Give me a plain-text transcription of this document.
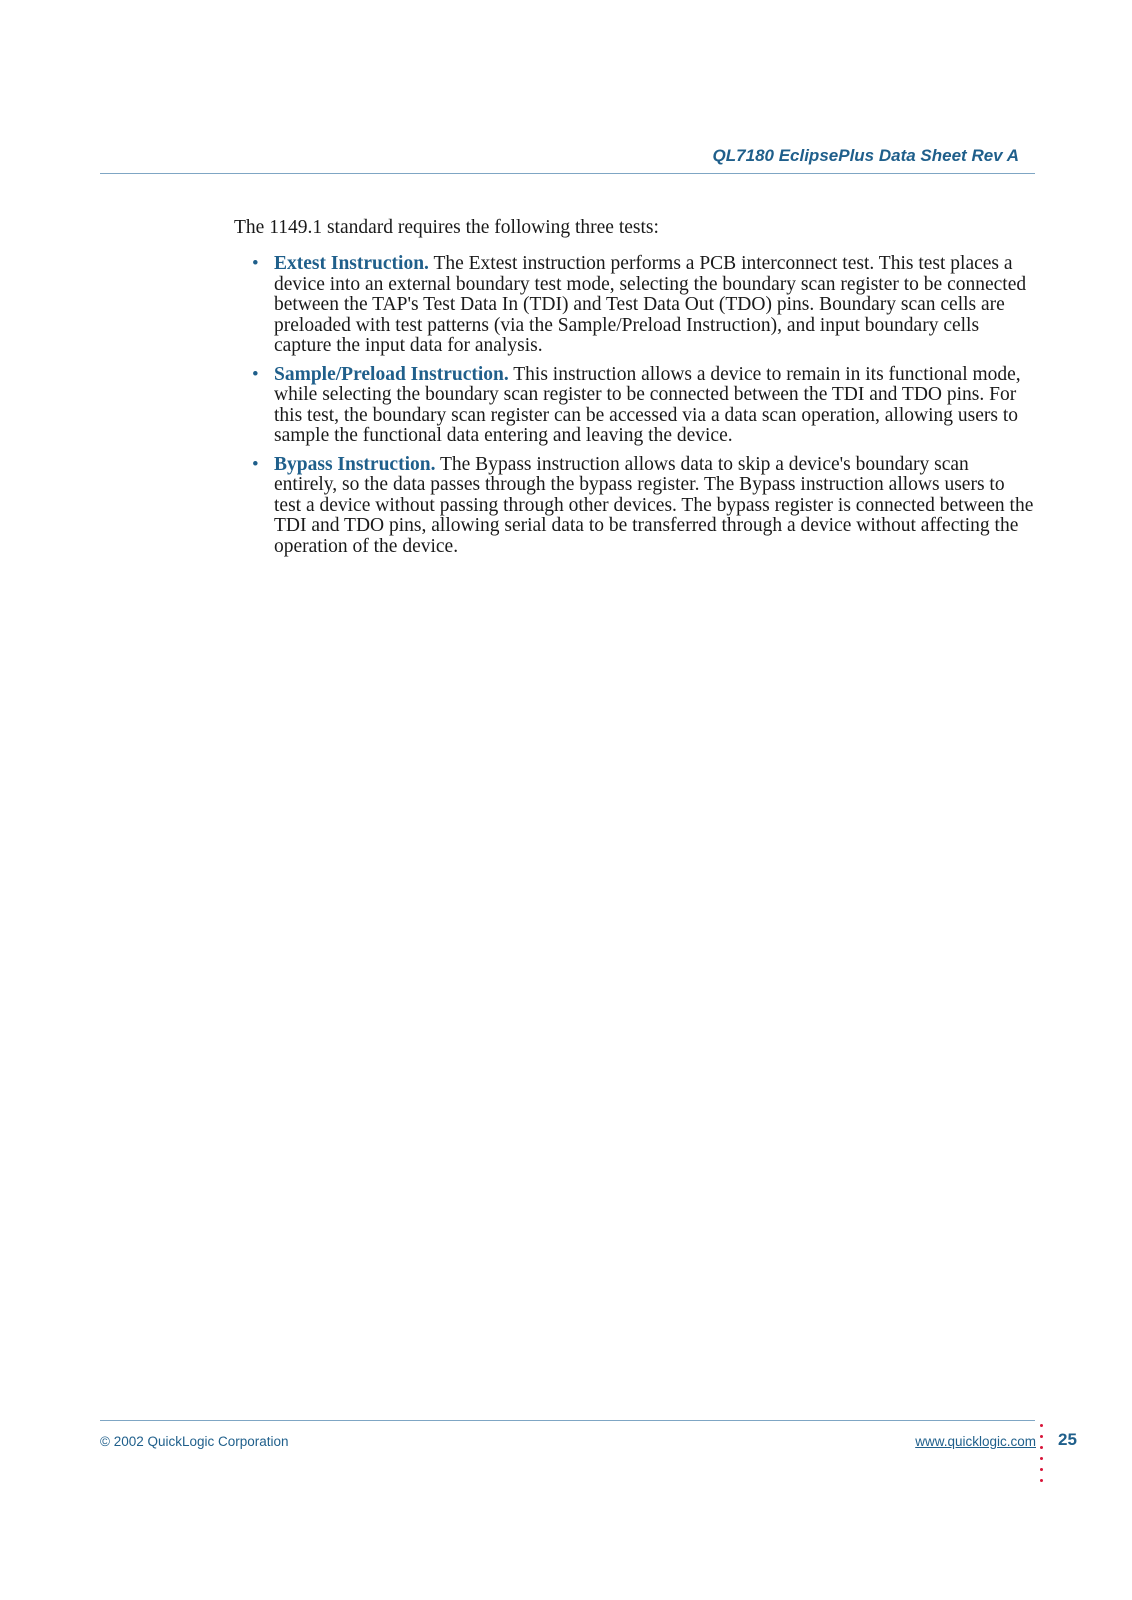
QL7180 EclipsePlus Data Sheet Rev A

The 1149.1 standard requires the following three tests:

• Extest Instruction. The Extest instruction performs a PCB interconnect test. This test places a device into an external boundary test mode, selecting the boundary scan register to be connected between the TAP's Test Data In (TDI) and Test Data Out (TDO) pins. Boundary scan cells are preloaded with test patterns (via the Sample/Preload Instruction), and input boundary cells capture the input data for analysis.
• Sample/Preload Instruction. This instruction allows a device to remain in its functional mode, while selecting the boundary scan register to be connected between the TDI and TDO pins. For this test, the boundary scan register can be accessed via a data scan operation, allowing users to sample the functional data entering and leaving the device.
• Bypass Instruction. The Bypass instruction allows data to skip a device's boundary scan entirely, so the data passes through the bypass register. The Bypass instruction allows users to test a device without passing through other devices. The bypass register is connected between the TDI and TDO pins, allowing serial data to be transferred through a device without affecting the operation of the device.
© 2002 QuickLogic Corporation	www.quicklogic.com 25
